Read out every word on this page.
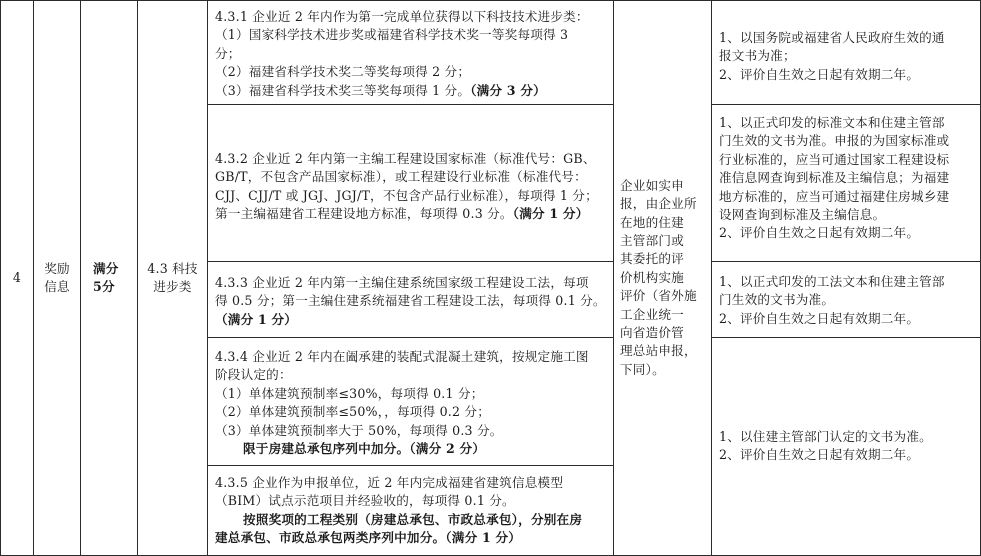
4
奖励
信息
满分
5分
4.3 科技
进步类
4.3.1 企业近 2 年内作为第一完成单位获得以下科技技术进步类：
（1）国家科学技术进步奖或福建省科学技术奖一等奖每项得 3
分；
（2）福建省科学技术奖二等奖每项得 2 分；
（3）福建省科学技术奖三等奖每项得 1 分。（满分 3 分）
4.3.2 企业近 2 年内第一主编工程建设国家标准（标准代号：GB、
GB/T，不包含产品国家标准），或工程建设行业标准（标准代号：
CJJ、CJJ/T 或 JGJ、JGJ/T，不包含产品行业标准），每项得 1 分；
第一主编福建省工程建设地方标准，每项得 0.3 分。（满分 1 分）
4.3.3 企业近 2 年内第一主编住建系统国家级工程建设工法，每项
得 0.5 分；第一主编住建系统福建省工程建设工法，每项得 0.1 分。
（满分 1 分）
4.3.4 企业近 2 年内在阖承建的装配式混凝土建筑，按规定施工图
阶段认定的：
（1）单体建筑预制率≤30%，每项得 0.1 分；
（2）单体建筑预制率≤50%，，每项得 0.2 分；
（3）单体建筑预制率大于 50%，每项得 0.3 分。
限于房建总承包序列中加分。（满分 2 分）
4.3.5 企业作为申报单位，近 2 年内完成福建省建筑信息模型
（BIM）试点示范项目并经验收的，每项得 0.1 分。
按照奖项的工程类别（房建总承包、市政总承包），分别在房
建总承包、市政总承包两类序列中加分。（满分 1 分）
企业如实申
报，由企业所
在地的住建
主管部门或
其委托的评
价机构实施
评价（省外施
工企业统一
向省造价管
理总站申报，
下同）。
1、以国务院或福建省人民政府生效的通
报文书为准；
2、评价自生效之日起有效期二年。
1、以正式印发的标准文本和住建主管部
门生效的文书为准。申报的为国家标准或
行业标准的，应当可通过国家工程建设标
准信息网查询到标准及主编信息；为福建
地方标准的，应当可通过福建住房城乡建
设网查询到标准及主编信息。
2、评价自生效之日起有效期二年。
1、以正式印发的工法文本和住建主管部
门生效的文书为准。
2、评价自生效之日起有效期二年。
1、以住建主管部门认定的文书为准。
2、评价自生效之日起有效期二年。
